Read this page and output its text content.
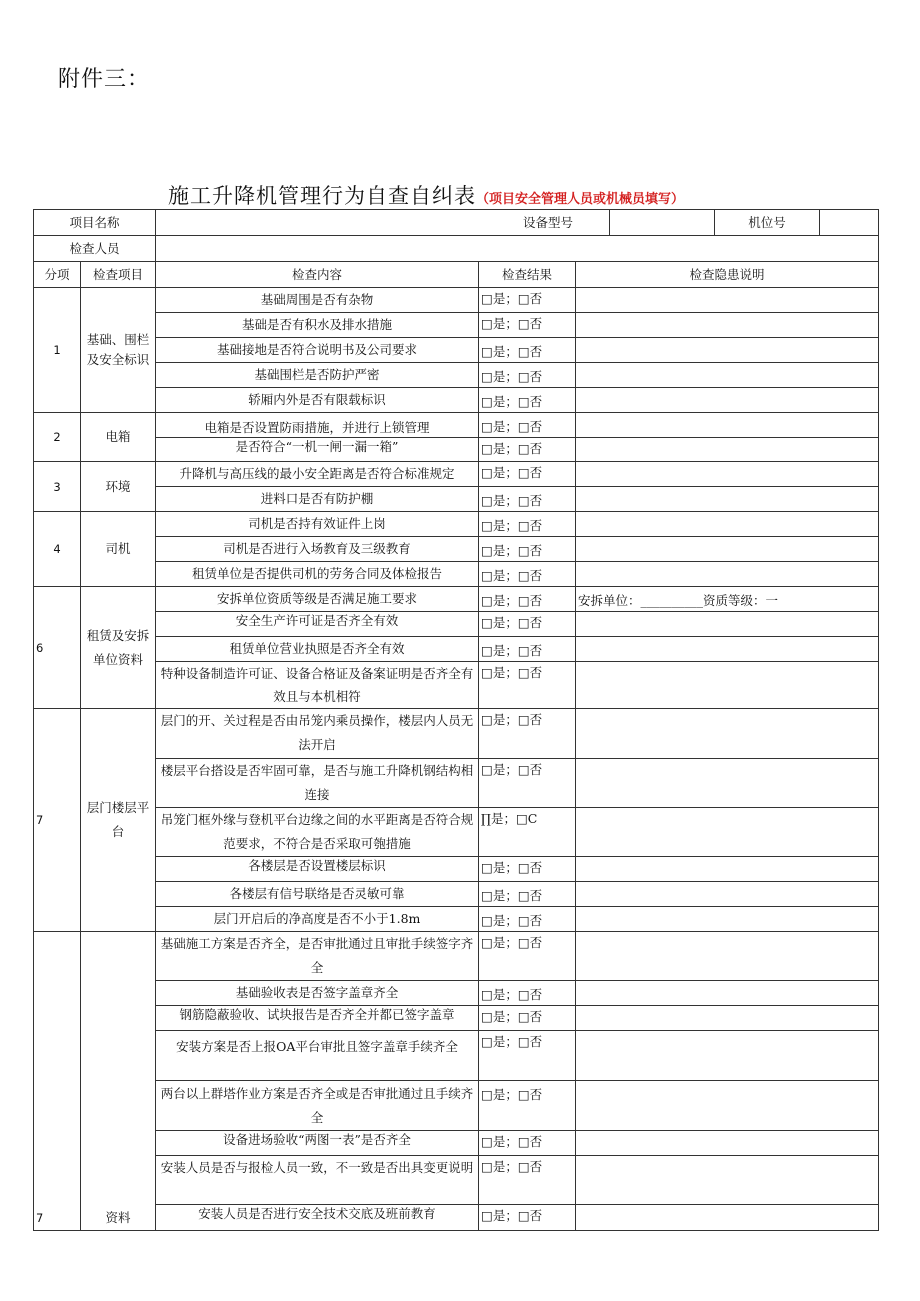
附件三：
施工升降机管理行为自查自纠表（项目安全管理人员或机械员填写）
项目名称		设备型号				机位号	
检查人员							
分项	检查项目	检查内容	检查结果	检查隐患说明			
1	基础、围栏及安全标识	基础周围是否有杂物	□是；□否				
		基础是否有积水及排水措施	□是；□否				
		基础接地是否符合说明书及公司要求	□是；□否				
		基础围栏是否防护严密	□是；□否				
		轿厢内外是否有限载标识	□是；□否				
2	电箱	电箱是否设置防雨措施，并进行上锁管理	□是；□否				
		是否符合“一机一闸一漏一箱”	□是；□否				
3	环境	升降机与高压线的最小安全距离是否符合标准规定	□是；□否				
		进料口是否有防护棚	□是；□否				
4	司机	司机是否持有效证件上岗	□是；□否				
		司机是否进行入场教育及三级教育	□是；□否				
		租赁单位是否提供司机的劳务合同及体检报告	□是；□否				
6	租赁及安拆单位资料	安拆单位资质等级是否满足施工要求	□是；□否	安拆单位：__________资质等级：一			
		安全生产许可证是否齐全有效	□是；□否				
		租赁单位营业执照是否齐全有效	□是；□否				
		特种设备制造许可证、设备合格证及备案证明是否齐全有效且与本机相符	□是；□否				
7	层门楼层平台	层门的开、关过程是否由吊笼内乘员操作，楼层内人员无法开启	□是；□否				
		楼层平台搭设是否牢固可靠，是否与施工升降机钢结构相连接	□是；□否				
		吊笼门框外缘与登机平台边缘之间的水平距离是否符合规范要求，不符合是否采取可匏措施	∏是；□C				
		各楼层是否设置楼层标识	□是；□否				
		各楼层有信号联络是否灵敏可靠	□是；□否				
		层门开启后的净高度是否不小于1.8m	□是；□否				
7	资料	基础施工方案是否齐全，是否审批通过且审批手续签字齐全	□是；□否				
		基础验收表是否签字盖章齐全	□是；□否				
		钢筋隐蔽验收、试块报告是否齐全并都已签字盖章	□是；□否				
		安装方案是否上报OA平台审批且签字盖章手续齐全	□是；□否				
		两台以上群塔作业方案是否齐全或是否审批通过且手续齐全	□是；□否				
		设备进场验收“两图一表”是否齐全	□是；□否				
		安装人员是否与报检人员一致，不一致是否出具变更说明	□是；□否				
		安装人员是否进行安全技术交底及班前教育	□是；□否				
